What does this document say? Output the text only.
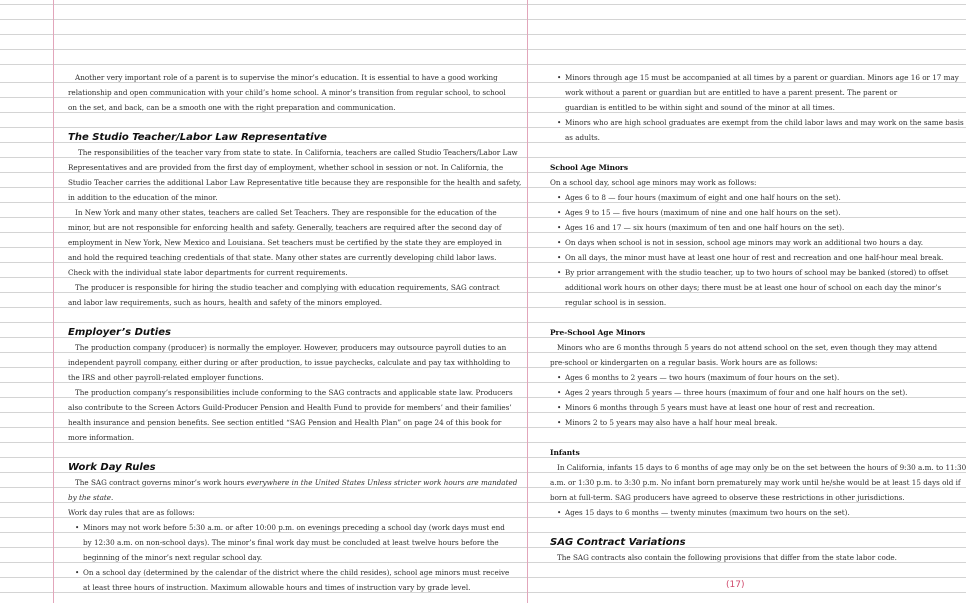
Another very important role of a parent is to supervise the minor’s education. It is essential to have a good working
relationship and open communication with your child’s home school. A minor’s transition from regular school, to school
on the set, and back, can be a smooth one with the right preparation and communication.
The Studio Teacher/Labor Law Representative
The responsibilities of the teacher vary from state to state. In California, teachers are called Studio Teachers/Labor Law
Representatives and are provided from the first day of employment, whether school in session or not. In California, the
Studio Teacher carries the additional Labor Law Representative title because they are responsible for the health and safety,
in addition to the education of the minor.
In New York and many other states, teachers are called Set Teachers. They are responsible for the education of the
minor, but are not responsible for enforcing health and safety. Generally, teachers are required after the second day of
employment in New York, New Mexico and Louisiana. Set teachers must be certified by the state they are employed in
and hold the required teaching credentials of that state. Many other states are currently developing child labor laws.
Check with the individual state labor departments for current requirements.
The producer is responsible for hiring the studio teacher and complying with education requirements, SAG contract
and labor law requirements, such as hours, health and safety of the minors employed.
Employer’s Duties
The production company (producer) is normally the employer. However, producers may outsource payroll duties to an
independent payroll company, either during or after production, to issue paychecks, calculate and pay tax withholding to
the IRS and other payroll-related employer functions.
The production company’s responsibilities include conforming to the SAG contracts and applicable state law. Producers
also contribute to the Screen Actors Guild-Producer Pension and Health Fund to provide for members’ and their families’
health insurance and pension benefits. See section entitled “SAG Pension and Health Plan” on page 24 of this book for
more information.
Work Day Rules
The SAG contract governs minor’s work hours everywhere in the United States Unless stricter work hours are mandated
by the state.
Work day rules that are as follows:
• Minors may not work before 5:30 a.m. or after 10:00 p.m. on evenings preceding a school day (work days must end
by 12:30 a.m. on non-school days). The minor’s final work day must be concluded at least twelve hours before the
beginning of the minor’s next regular school day.
• On a school day (determined by the calendar of the district where the child resides), school age minors must receive
at least three hours of instruction. Maximum allowable hours and times of instruction vary by grade level.
• Minors through age 15 must be accompanied at all times by a parent or guardian. Minors age 16 or 17 may
work without a parent or guardian but are entitled to have a parent present. The parent or
guardian is entitled to be within sight and sound of the minor at all times.
• Minors who are high school graduates are exempt from the child labor laws and may work on the same basis
as adults.
School Age Minors
On a school day, school age minors may work as follows:
• Ages 6 to 8 — four hours (maximum of eight and one half hours on the set).
• Ages 9 to 15 — five hours (maximum of nine and one half hours on the set).
• Ages 16 and 17 — six hours (maximum of ten and one half hours on the set).
• On days when school is not in session, school age minors may work an additional two hours a day.
• On all days, the minor must have at least one hour of rest and recreation and one half-hour meal break.
• By prior arrangement with the studio teacher, up to two hours of school may be banked (stored) to offset
additional work hours on other days; there must be at least one hour of school on each day the minor’s
regular school is in session.
Pre-School Age Minors
Minors who are 6 months through 5 years do not attend school on the set, even though they may attend
pre-school or kindergarten on a regular basis. Work hours are as follows:
• Ages 6 months to 2 years — two hours (maximum of four hours on the set).
• Ages 2 years through 5 years — three hours (maximum of four and one half hours on the set).
• Minors 6 months through 5 years must have at least one hour of rest and recreation.
• Minors 2 to 5 years may also have a half hour meal break.
Infants
In California, infants 15 days to 6 months of age may only be on the set between the hours of 9:30 a.m. to 11:30
a.m. or 1:30 p.m. to 3:30 p.m. No infant born prematurely may work until he/she would be at least 15 days old if
born at full-term. SAG producers have agreed to observe these restrictions in other jurisdictions.
• Ages 15 days to 6 months — twenty minutes (maximum two hours on the set).
SAG Contract Variations
The SAG contracts also contain the following provisions that differ from the state labor code.
(17)
